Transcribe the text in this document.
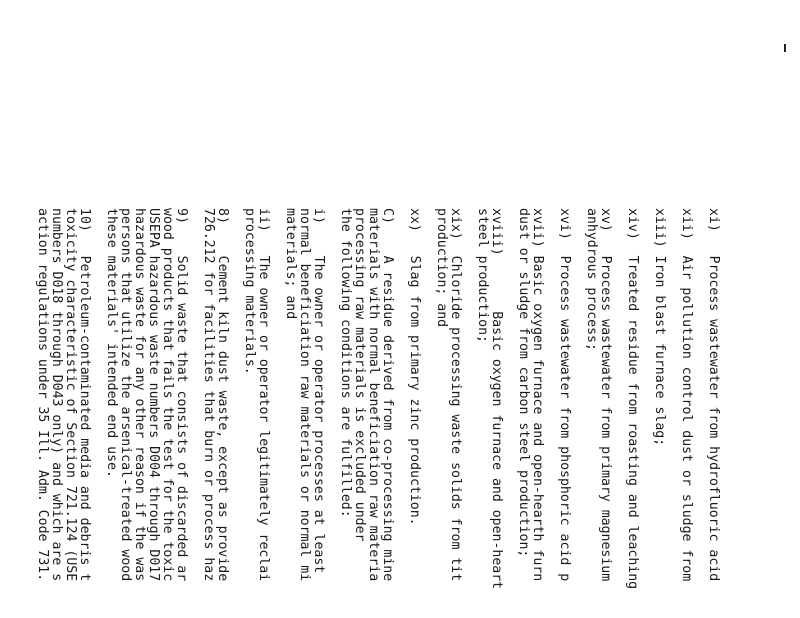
xi)   Process wastewater from hydrofluoric acid
xii)  Air pollution control dust or sludge from
xiii) Iron blast furnace slag;
xiv)  Treated residue from roasting and leaching
xv)   Process wastewater from primary magnesium
anhydrous process;
xvi)  Process wastewater from phosphoric acid p
xvii) Basic oxygen furnace and open-hearth furn
dust or sludge from carbon steel production;
xviii)       Basic oxygen furnace and open-heart
steel production;
xix)  Chloride processing waste solids from tit
production; and
xx)   Slag from primary zinc production.
C)    A residue derived from co-processing mine
materials with normal beneficiation raw materia
processing raw materials is excluded under
the following conditions are fulfilled:
i)    The owner or operator processes at least
normal beneficiation raw materials or normal mi
materials; and
ii)   The owner or operator legitimately reclai
processing materials.
8)    Cement kiln dust waste, except as provide
726.212 for facilities that burn or process haz
9)    Solid waste that consists of discarded ar
wood products that fails the test for the toxic
USEPA hazardous waste numbers D004 through D017
hazardous waste for any other reason if the was
persons that utilize the arsenical-treated wood
these materials' intended end use.
10)   Petroleum-contaminated media and debris t
toxicity characteristic of Section 721.124 (USE
numbers D018 through D043 only) and which are s
action regulations under 35 Ill. Adm. Code 731.
